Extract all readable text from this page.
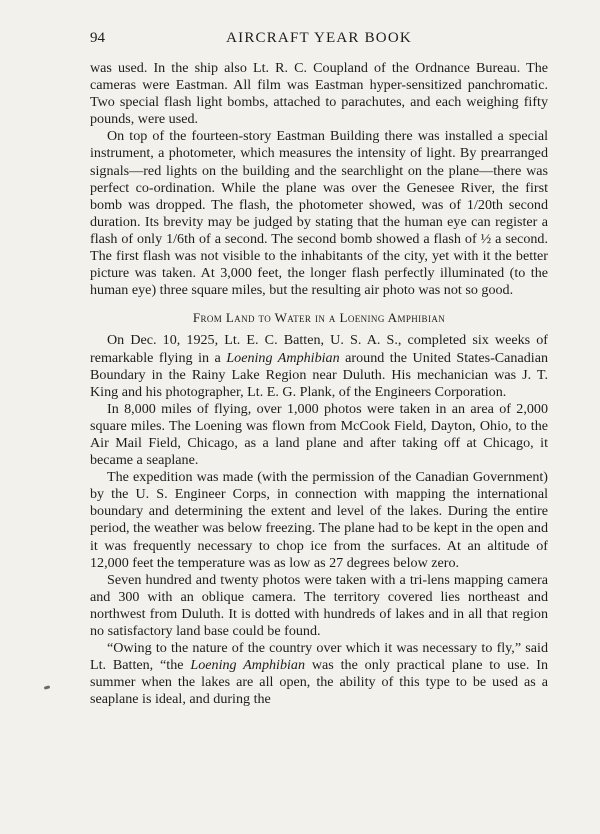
94	AIRCRAFT YEAR BOOK

was used. In the ship also Lt. R. C. Coupland of the Ordnance Bureau. The cameras were Eastman. All film was Eastman hyper-sensitized panchromatic. Two special flash light bombs, attached to parachutes, and each weighing fifty pounds, were used.

On top of the fourteen-story Eastman Building there was installed a special instrument, a photometer, which measures the intensity of light. By prearranged signals—red lights on the building and the searchlight on the plane—there was perfect co-ordination. While the plane was over the Genesee River, the first bomb was dropped. The flash, the photometer showed, was of 1/20th second duration. Its brevity may be judged by stating that the human eye can register a flash of only 1/6th of a second. The second bomb showed a flash of ½ a second. The first flash was not visible to the inhabitants of the city, yet with it the better picture was taken. At 3,000 feet, the longer flash perfectly illuminated (to the human eye) three square miles, but the resulting air photo was not so good.

From Land to Water in a Loening Amphibian

On Dec. 10, 1925, Lt. E. C. Batten, U. S. A. S., completed six weeks of remarkable flying in a Loening Amphibian around the United States-Canadian Boundary in the Rainy Lake Region near Duluth. His mechanician was J. T. King and his photographer, Lt. E. G. Plank, of the Engineers Corporation.

In 8,000 miles of flying, over 1,000 photos were taken in an area of 2,000 square miles. The Loening was flown from McCook Field, Dayton, Ohio, to the Air Mail Field, Chicago, as a land plane and after taking off at Chicago, it became a seaplane.

The expedition was made (with the permission of the Canadian Government) by the U. S. Engineer Corps, in connection with mapping the international boundary and determining the extent and level of the lakes. During the entire period, the weather was below freezing. The plane had to be kept in the open and it was frequently necessary to chop ice from the surfaces. At an altitude of 12,000 feet the temperature was as low as 27 degrees below zero.

Seven hundred and twenty photos were taken with a tri-lens mapping camera and 300 with an oblique camera. The territory covered lies northeast and northwest from Duluth. It is dotted with hundreds of lakes and in all that region no satisfactory land base could be found.

“Owing to the nature of the country over which it was necessary to fly,” said Lt. Batten, “the Loening Amphibian was the only practical plane to use. In summer when the lakes are all open, the ability of this type to be used as a seaplane is ideal, and during the
